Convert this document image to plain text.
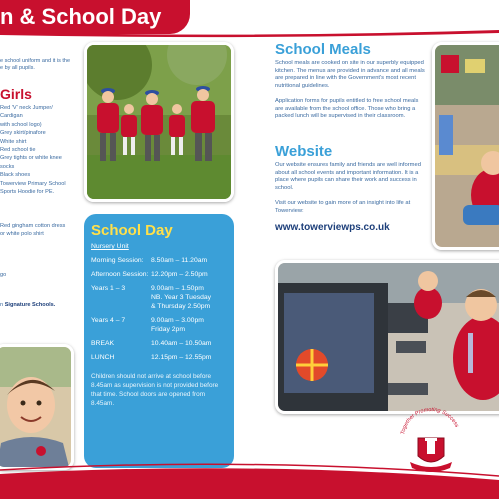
n & School Day
e school uniform and it is the
e by all pupils.
Girls
Red 'V' neck Jumper/
Cardigan
with school logo)
Grey skirt/pinafore
White shirt
Red school tie
Grey tights or white knee
socks
Black shoes
Towerview Primary School
Sports Hoodie for PE.
Red gingham cotton dress
or white polo shirt
go
n Signature Schools.
School Day
Nursery Unit
Morning Session:	8.50am – 11.20am
Afternoon Session: 12.20pm – 2.50pm
Years 1 – 3	9.00am – 1.50pm
NB. Year 3 Tuesday
& Thursday 2.50pm
Years 4 – 7	9.00am – 3.00pm
Friday 2pm
BREAK	10.40am – 10.50am
LUNCH	12.15pm – 12.55pm
Children should not arrive at school before 8.45am as supervision is not provided before that time. School doors are opened from 8.45am.
School Meals
School meals are cooked on site in our superbly equipped kitchen. The menus are provided in advance and all meals are prepared in line with the Government's most recent nutritional guidelines.
Application forms for pupils entitled to free school meals are available from the school office. Those who bring a packed lunch will be supervised in their classroom.
Website
Our website ensures family and friends are well informed about all school events and important information. It is a place where pupils can share their work and success in school.
Visit our website to gain more of an insight into life at Towerview:
www.towerviewps.co.uk
Together Promoting Success
